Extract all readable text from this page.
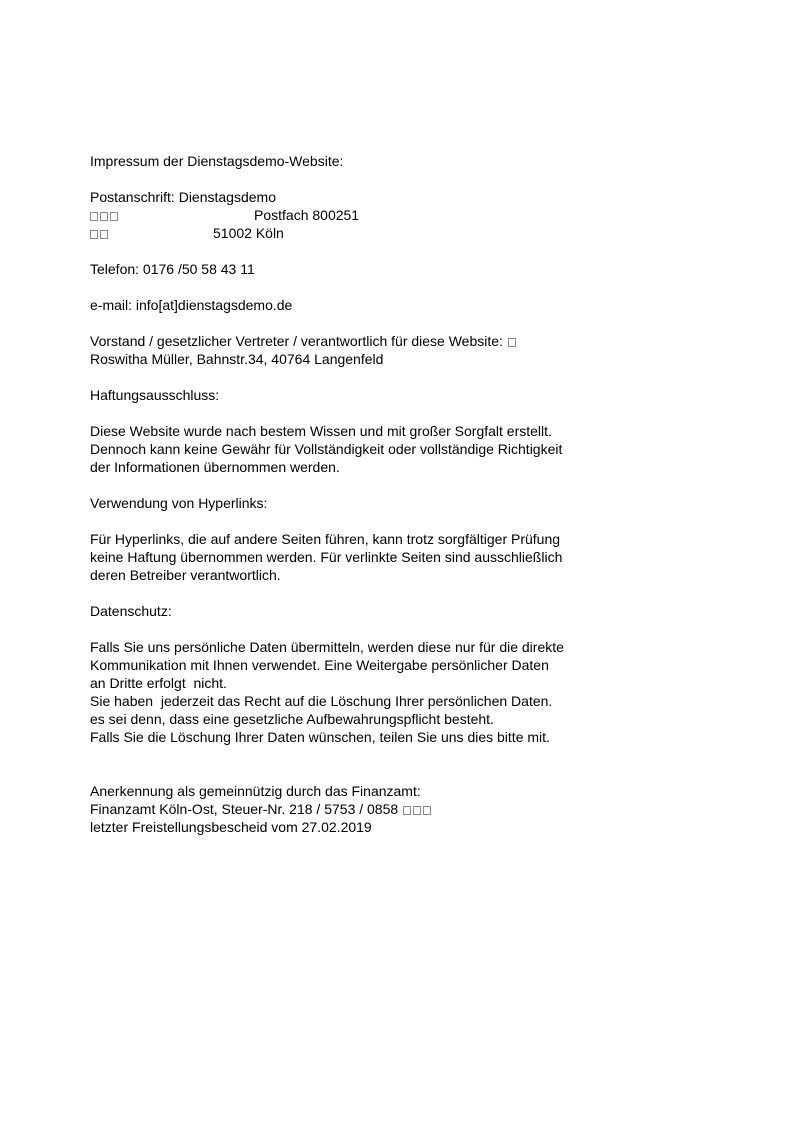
Impressum der Dienstagsdemo-Website:
Postanschrift: Dienstagsdemo
Postfach 800251
51002 Köln
Telefon: 0176 /50 58 43 11
e-mail: info[at]dienstagsdemo.de
Vorstand / gesetzlicher Vertreter / verantwortlich für diese Website:
Roswitha Müller, Bahnstr.34, 40764 Langenfeld
Haftungsausschluss:
Diese Website wurde nach bestem Wissen und mit großer Sorgfalt erstellt.
Dennoch kann keine Gewähr für Vollständigkeit oder vollständige Richtigkeit
der Informationen übernommen werden.
Verwendung von Hyperlinks:
Für Hyperlinks, die auf andere Seiten führen, kann trotz sorgfältiger Prüfung
keine Haftung übernommen werden. Für verlinkte Seiten sind ausschließlich
deren Betreiber verantwortlich.
Datenschutz:
Falls Sie uns persönliche Daten übermitteln, werden diese nur für die direkte
Kommunikation mit Ihnen verwendet. Eine Weitergabe persönlicher Daten
an Dritte erfolgt  nicht.
Sie haben  jederzeit das Recht auf die Löschung Ihrer persönlichen Daten.
es sei denn, dass eine gesetzliche Aufbewahrungspflicht besteht.
Falls Sie die Löschung Ihrer Daten wünschen, teilen Sie uns dies bitte mit.
Anerkennung als gemeinnützig durch das Finanzamt:
Finanzamt Köln-Ost, Steuer-Nr. 218 / 5753 / 0858
letzter Freistellungsbescheid vom 27.02.2019
